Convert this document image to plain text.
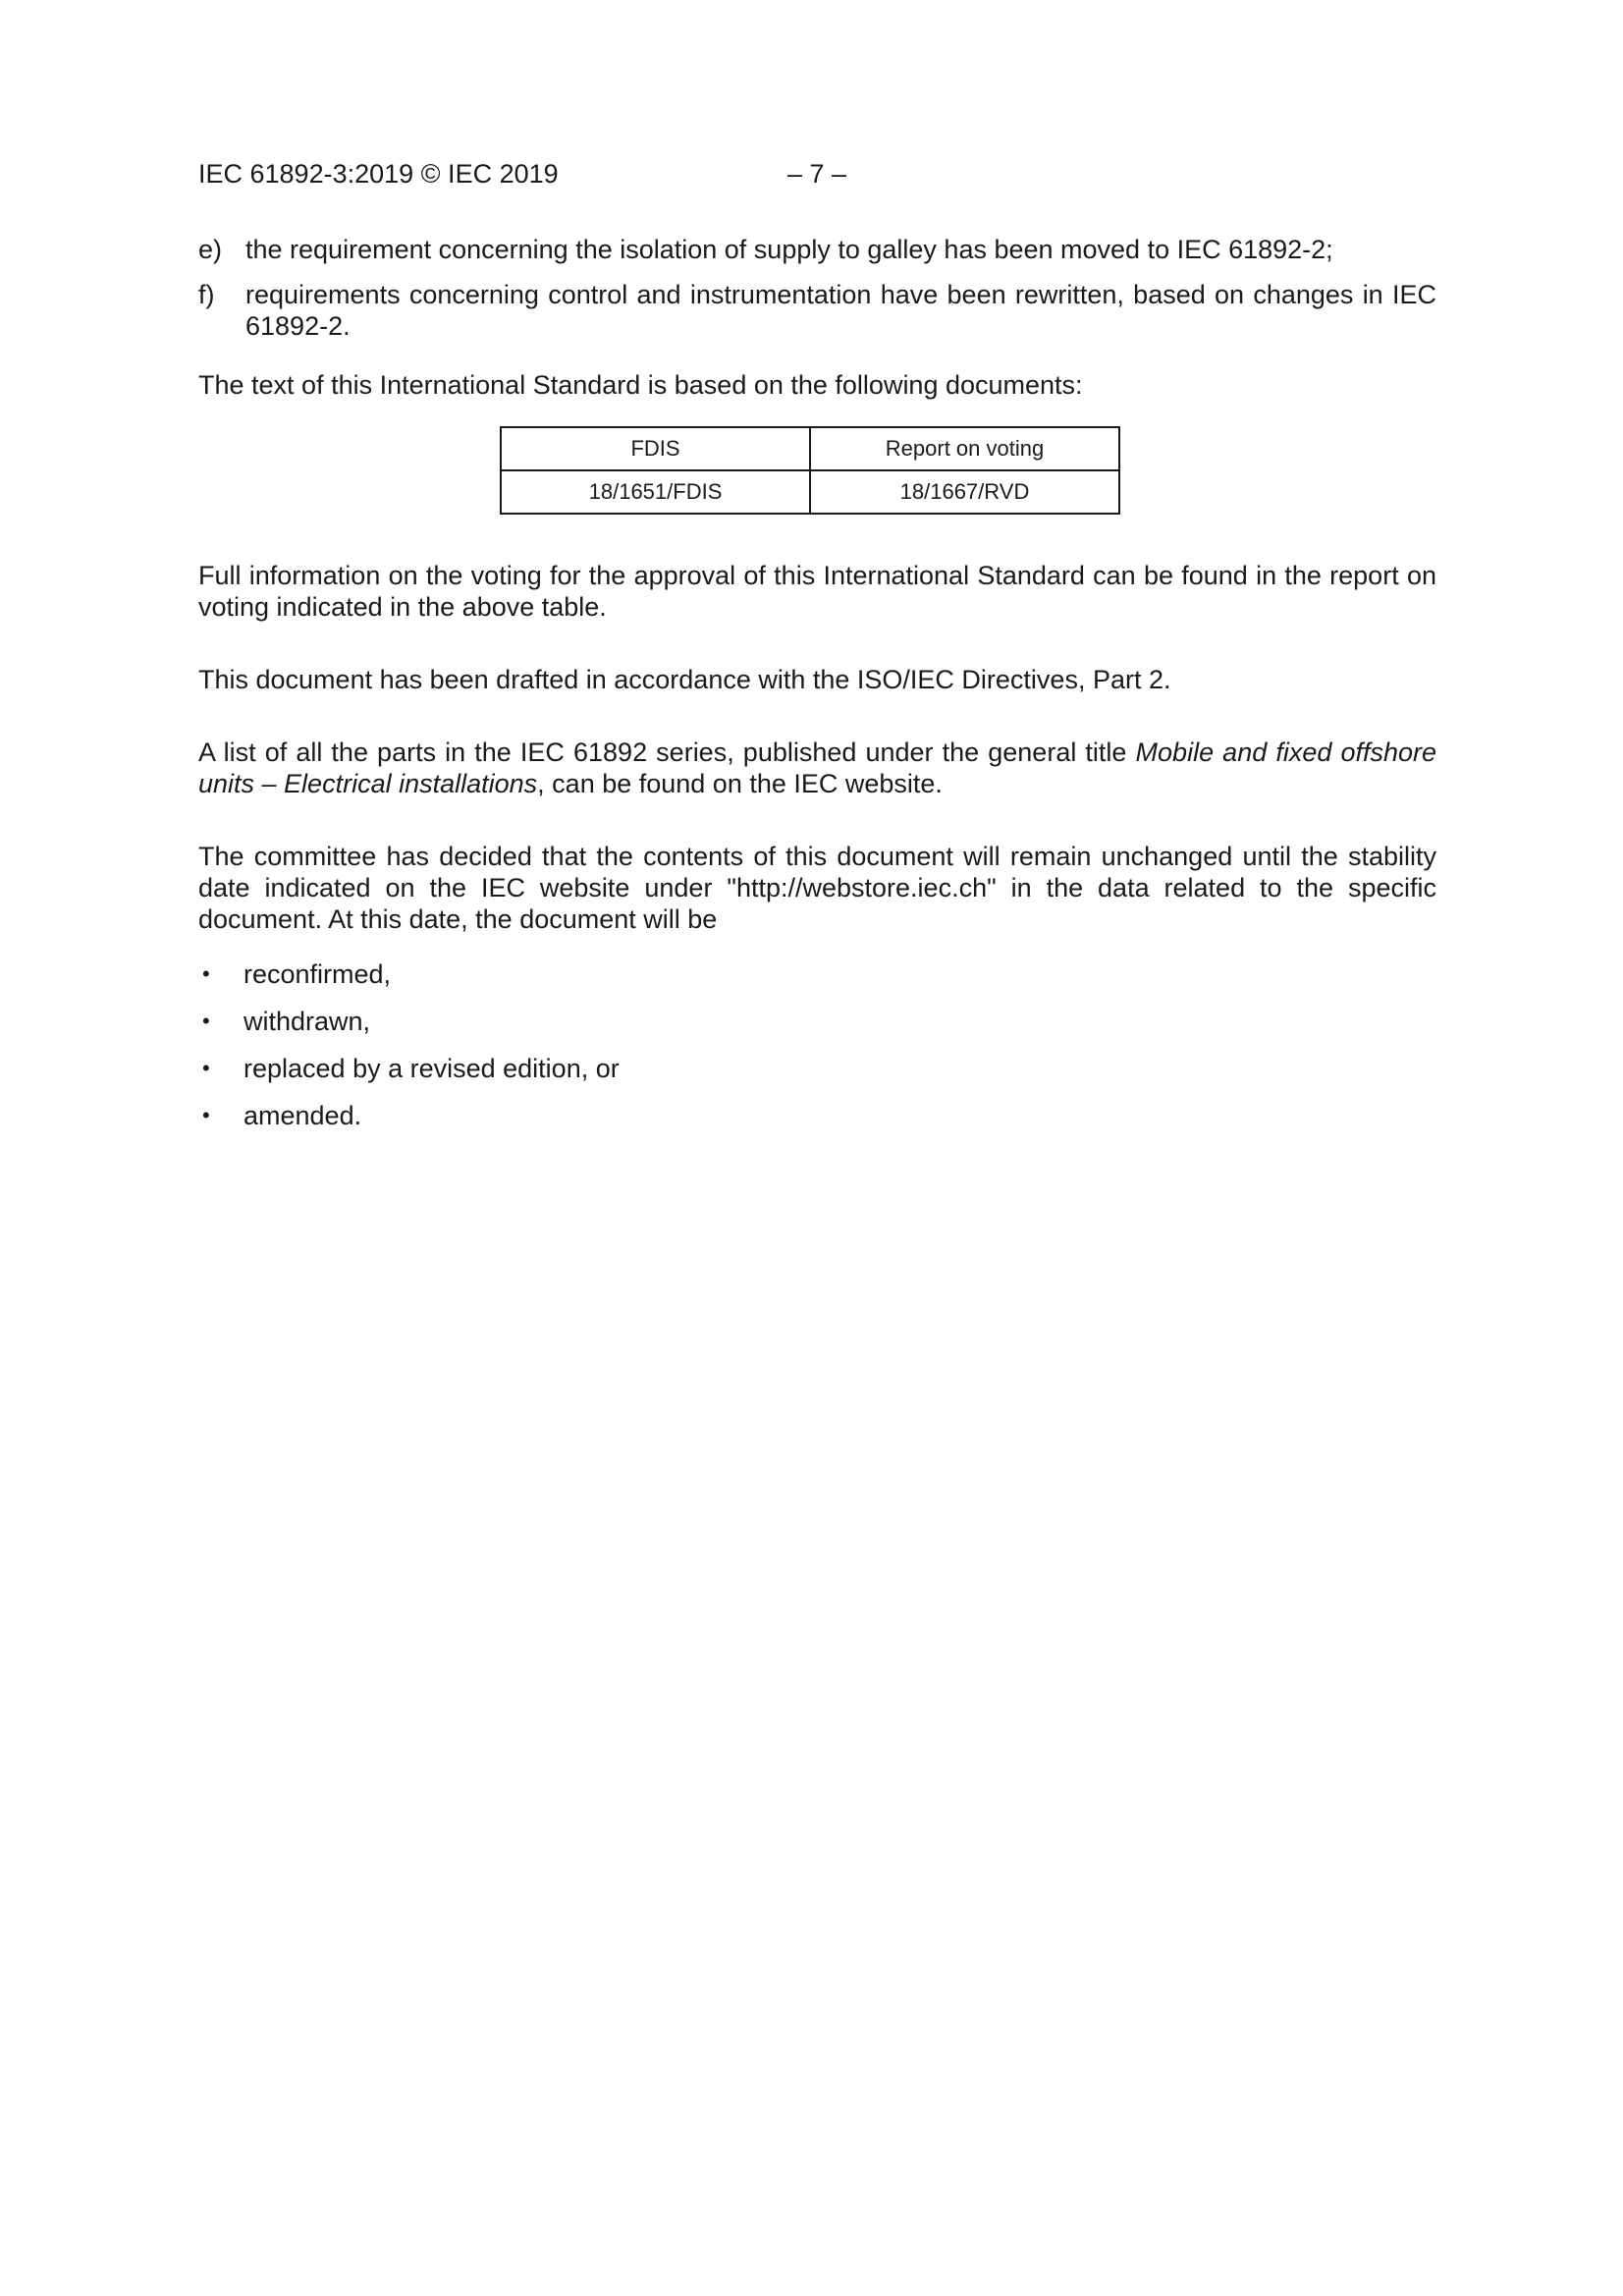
IEC 61892-3:2019 © IEC 2019	– 7 –
e) the requirement concerning the isolation of supply to galley has been moved to IEC 61892-2;
f)	requirements concerning control and instrumentation have been rewritten, based on changes in IEC 61892-2.

The text of this International Standard is based on the following documents:

FDIS	Report on voting
18/1651/FDIS	18/1667/RVD

Full information on the voting for the approval of this International Standard can be found in the report on voting indicated in the above table.

This document has been drafted in accordance with the ISO/IEC Directives, Part 2.

A list of all the parts in the IEC 61892 series, published under the general title Mobile and fixed offshore units – Electrical installations, can be found on the IEC website.

The committee has decided that the contents of this document will remain unchanged until the stability date indicated on the IEC website under "http://webstore.iec.ch" in the data related to the specific document. At this date, the document will be

•	reconfirmed,
•	withdrawn,
•	replaced by a revised edition, or
•	amended.
